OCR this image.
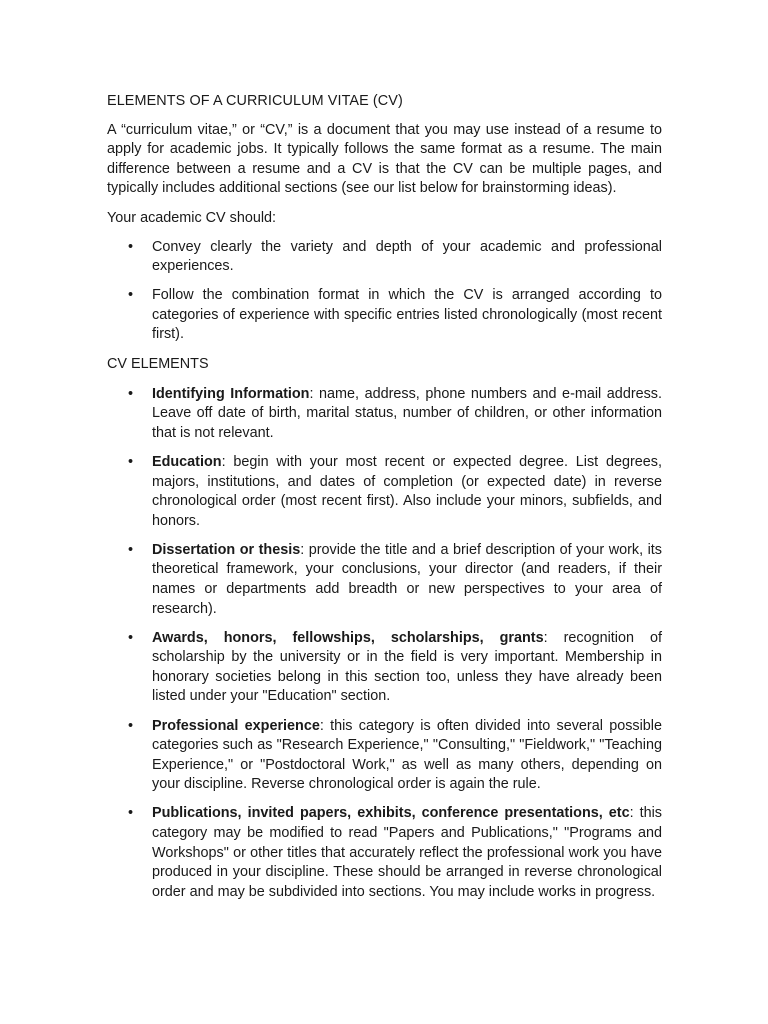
ELEMENTS OF A CURRICULUM VITAE (CV)

A “curriculum vitae,” or “CV,” is a document that you may use instead of a resume to apply for academic jobs. It typically follows the same format as a resume. The main difference between a resume and a CV is that the CV can be multiple pages, and typically includes additional sections (see our list below for brainstorming ideas).

Your academic CV should:

• Convey clearly the variety and depth of your academic and professional experiences.
• Follow the combination format in which the CV is arranged according to categories of experience with specific entries listed chronologically (most recent first).

CV ELEMENTS

• Identifying Information: name, address, phone numbers and e-mail address. Leave off date of birth, marital status, number of children, or other information that is not relevant.
• Education: begin with your most recent or expected degree. List degrees, majors, institutions, and dates of completion (or expected date) in reverse chronological order (most recent first). Also include your minors, subfields, and honors.
• Dissertation or thesis: provide the title and a brief description of your work, its theoretical framework, your conclusions, your director (and readers, if their names or departments add breadth or new perspectives to your area of research).
• Awards, honors, fellowships, scholarships, grants: recognition of scholarship by the university or in the field is very important. Membership in honorary societies belong in this section too, unless they have already been listed under your "Education" section.
• Professional experience: this category is often divided into several possible categories such as "Research Experience," "Consulting," "Fieldwork," "Teaching Experience," or "Postdoctoral Work," as well as many others, depending on your discipline. Reverse chronological order is again the rule.
• Publications, invited papers, exhibits, conference presentations, etc: this category may be modified to read "Papers and Publications," "Programs and Workshops" or other titles that accurately reflect the professional work you have produced in your discipline. These should be arranged in reverse chronological order and may be subdivided into sections. You may include works in progress.
